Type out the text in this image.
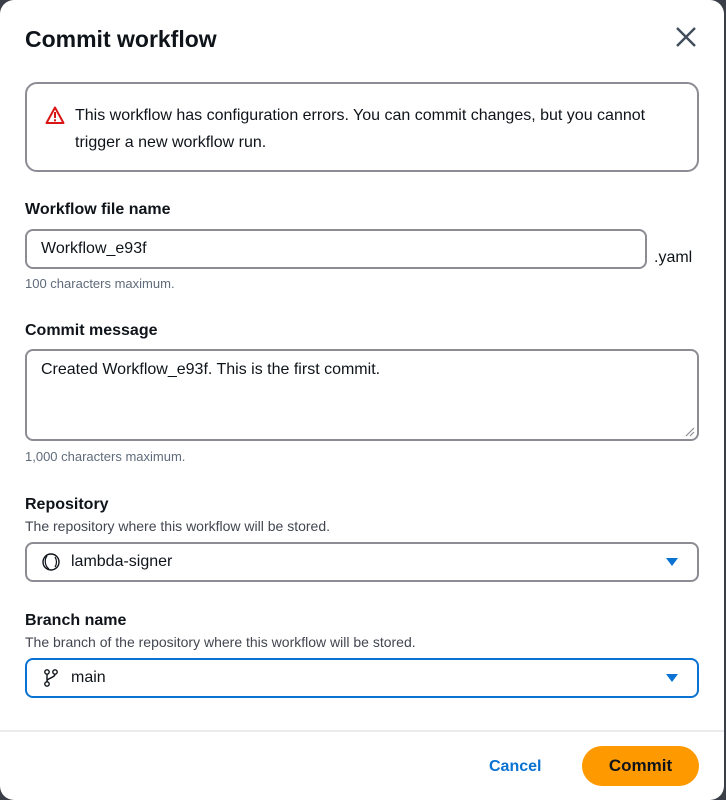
Commit workflow
This workflow has configuration errors. You can commit changes, but you cannot trigger a new workflow run.
Workflow file name
Workflow_e93f
.yaml
100 characters maximum.
Commit message
Created Workflow_e93f. This is the first commit.
1,000 characters maximum.
Repository
The repository where this workflow will be stored.
lambda-signer
Branch name
The branch of the repository where this workflow will be stored.
main
Cancel	Commit
